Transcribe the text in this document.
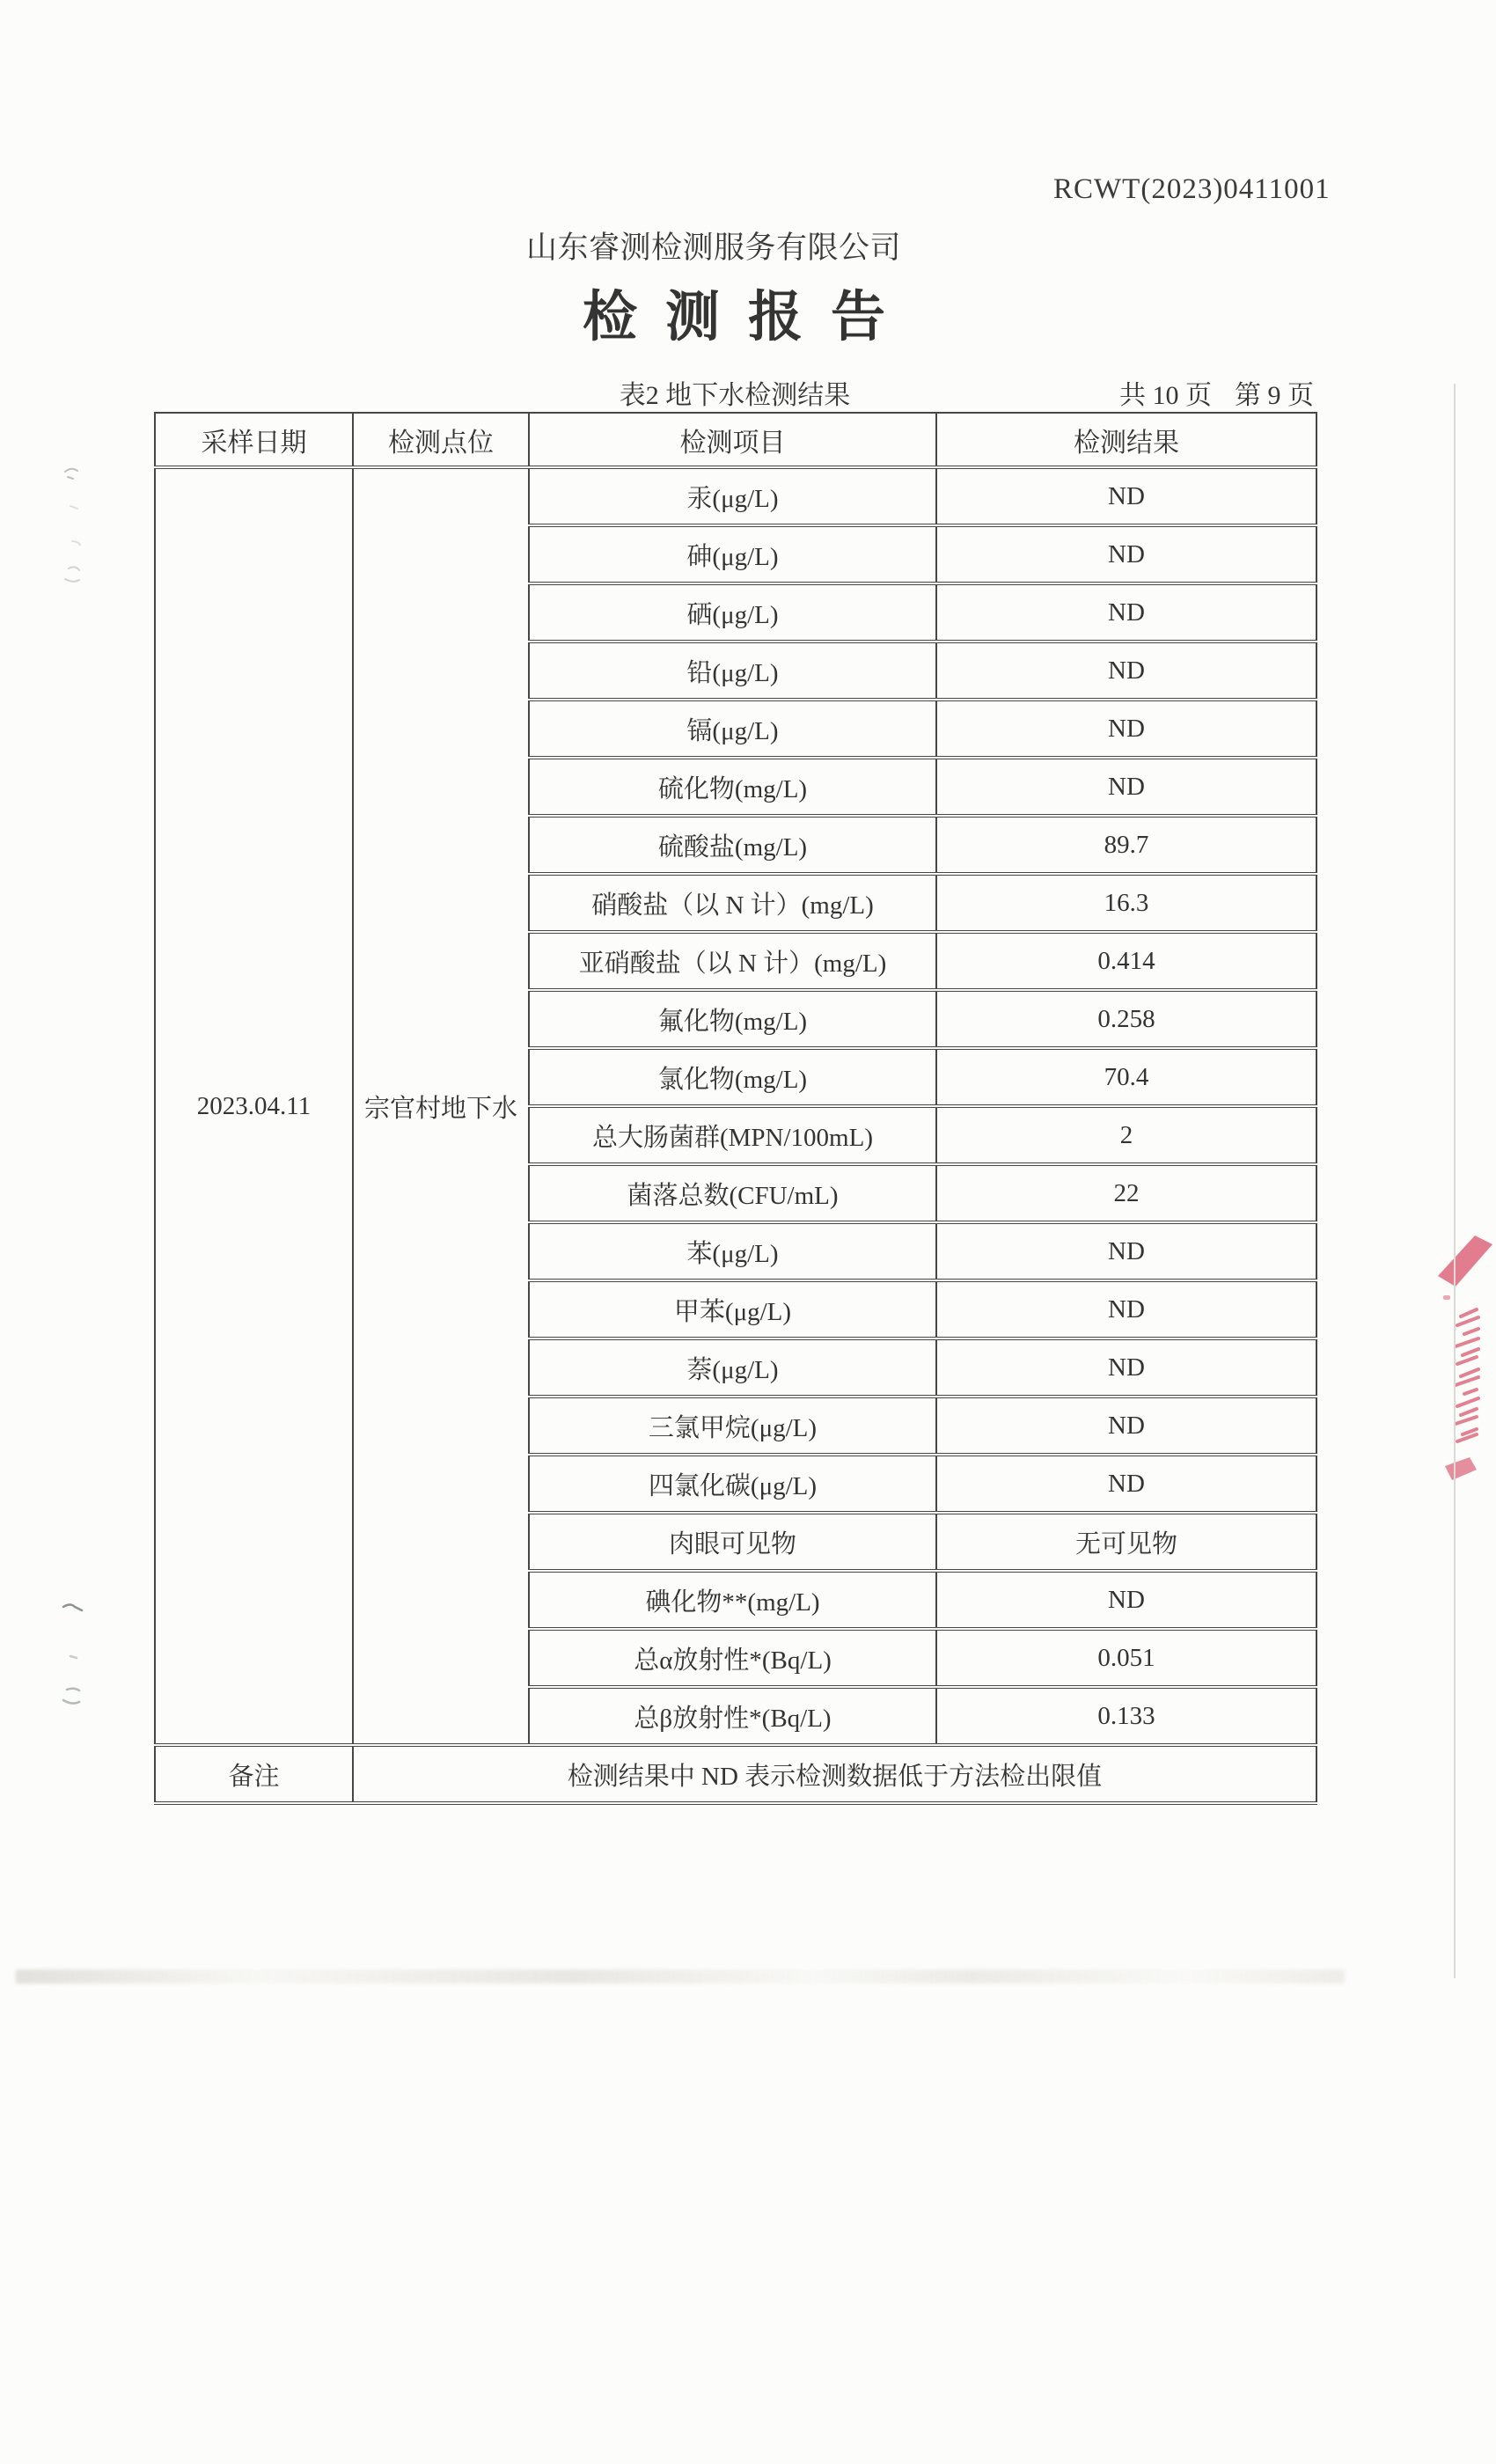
RCWT(2023)0411001
山东睿测检测服务有限公司
检测报告
表2 地下水检测结果	共 10 页 第 9 页
采样日期	检测点位	检测项目	检测结果
2023.04.11	宗官村地下水	汞(μg/L)	ND
		砷(μg/L)	ND
		硒(μg/L)	ND
		铅(μg/L)	ND
		镉(μg/L)	ND
		硫化物(mg/L)	ND
		硫酸盐(mg/L)	89.7
		硝酸盐（以 N 计）(mg/L)	16.3
		亚硝酸盐（以 N 计）(mg/L)	0.414
		氟化物(mg/L)	0.258
		氯化物(mg/L)	70.4
		总大肠菌群(MPN/100mL)	2
		菌落总数(CFU/mL)	22
		苯(μg/L)	ND
		甲苯(μg/L)	ND
		萘(μg/L)	ND
		三氯甲烷(μg/L)	ND
		四氯化碳(μg/L)	ND
		肉眼可见物	无可见物
		碘化物**(mg/L)	ND
		总α放射性*(Bq/L)	0.051
		总β放射性*(Bq/L)	0.133
备注	检测结果中 ND 表示检测数据低于方法检出限值		
